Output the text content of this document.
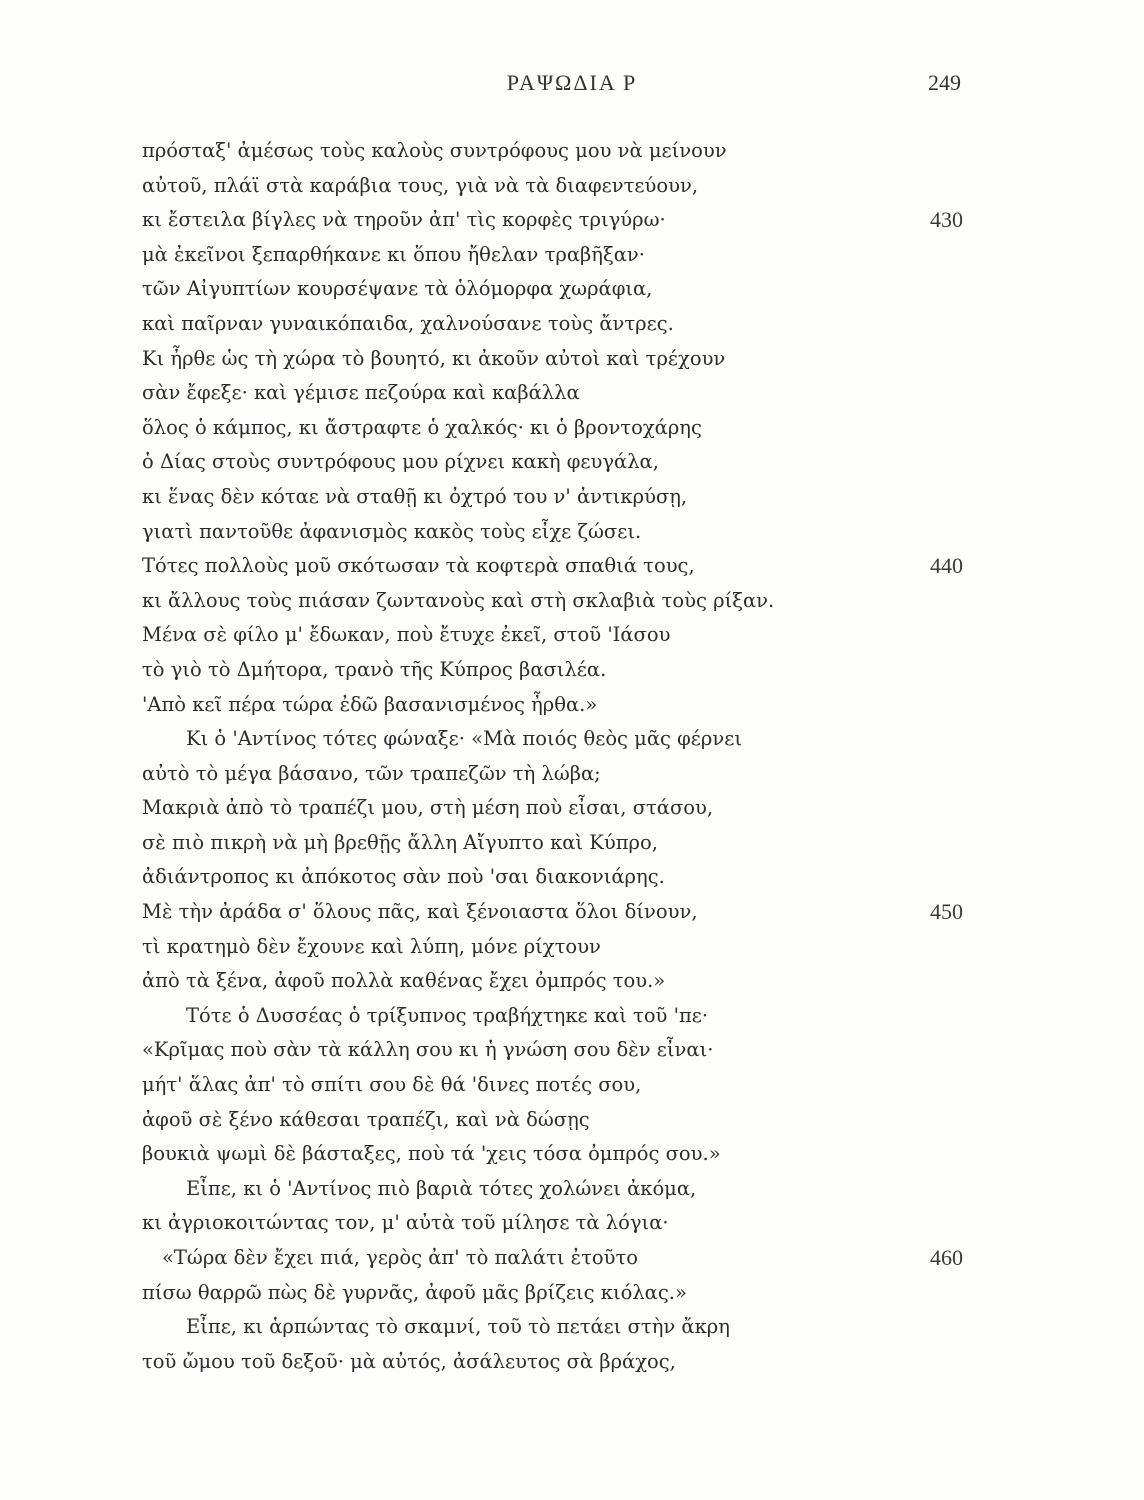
ΡΑΨΩΔΙΑ Ρ	249
πρόσταξ' ἀμέσως τοὺς καλοὺς συντρόφους μου νὰ μείνουν
αὐτοῦ, πλάϊ στὰ καράβια τους, γιὰ νὰ τὰ διαφεντεύουν,
κι ἔστειλα βίγλες νὰ τηροῦν ἀπ' τὶς κορφὲς τριγύρω·	430
μὰ ἐκεῖνοι ξεπαρθήκανε κι ὅπου ἤθελαν τραβῆξαν·
τῶν Αἰγυπτίων κουρσέψανε τὰ ὁλόμορφα χωράφια,
καὶ παῖρναν γυναικόπαιδα, χαλνούσανε τοὺς ἄντρες.
Κι ἦρθε ὡς τὴ χώρα τὸ βουητό, κι ἀκοῦν αὐτοὶ καὶ τρέχουν
σὰν ἔφεξε· καὶ γέμισε πεζούρα καὶ καβάλλα
ὅλος ὁ κάμπος, κι ἄστραφτε ὁ χαλκός· κι ὁ βροντοχάρης
ὁ Δίας στοὺς συντρόφους μου ρίχνει κακὴ φευγάλα,
κι ἕνας δὲν κόταε νὰ σταθῇ κι ὀχτρό του ν' ἀντικρύσῃ,
γιατὶ παντοῦθε ἀφανισμὸς κακὸς τοὺς εἶχε ζώσει.
Τότες πολλοὺς μοῦ σκότωσαν τὰ κοφτερὰ σπαθιά τους,	440
κι ἄλλους τοὺς πιάσαν ζωντανοὺς καὶ στὴ σκλαβιὰ τοὺς ρίξαν.
Μένα σὲ φίλο μ' ἔδωκαν, ποὺ ἔτυχε ἐκεῖ, στοῦ 'Ιάσου
τὸ γιὸ τὸ Δμήτορα, τρανὸ τῆς Κύπρος βασιλέα.
'Απὸ κεῖ πέρα τώρα ἐδῶ βασανισμένος ἦρθα.»
Κι ὁ 'Αντίνος τότες φώναξε· «Μὰ ποιός θεὸς μᾶς φέρνει
αὐτὸ τὸ μέγα βάσανο, τῶν τραπεζῶν τὴ λώβα;
Μακριὰ ἀπὸ τὸ τραπέζι μου, στὴ μέση ποὺ εἶσαι, στάσου,
σὲ πιὸ πικρὴ νὰ μὴ βρεθῇς ἄλλη Αἴγυπτο καὶ Κύπρο,
ἀδιάντροπος κι ἀπόκοτος σὰν ποὺ 'σαι διακονιάρης.
Μὲ τὴν ἀράδα σ' ὅλους πᾶς, καὶ ξένοιαστα ὅλοι δίνουν,	450
τὶ κρατημὸ δὲν ἔχουνε καὶ λύπη, μόνε ρίχτουν
ἀπὸ τὰ ξένα, ἀφοῦ πολλὰ καθένας ἔχει ὀμπρός του.»
Τότε ὁ Δυσσέας ὁ τρίξυπνος τραβήχτηκε καὶ τοῦ 'πε·
«Κρῖμας ποὺ σὰν τὰ κάλλη σου κι ἡ γνώση σου δὲν εἶναι·
μήτ' ἅλας ἀπ' τὸ σπίτι σου δὲ θά 'δινες ποτές σου,
ἀφοῦ σὲ ξένο κάθεσαι τραπέζι, καὶ νὰ δώσῃς
βουκιὰ ψωμὶ δὲ βάσταξες, ποὺ τά 'χεις τόσα ὀμπρός σου.»
Εἶπε, κι ὁ 'Αντίνος πιὸ βαριὰ τότες χολώνει ἀκόμα,
κι ἀγριοκοιτώντας τον, μ' αὐτὰ τοῦ μίλησε τὰ λόγια·
«Τώρα δὲν ἔχει πιά, γερὸς ἀπ' τὸ παλάτι ἐτοῦτο	460
πίσω θαρρῶ πὼς δὲ γυρνᾶς, ἀφοῦ μᾶς βρίζεις κιόλας.»
Εἶπε, κι ἁρπώντας τὸ σκαμνί, τοῦ τὸ πετάει στὴν ἄκρη
τοῦ ὤμου τοῦ δεξοῦ· μὰ αὐτός, ἀσάλευτος σὰ βράχος,
